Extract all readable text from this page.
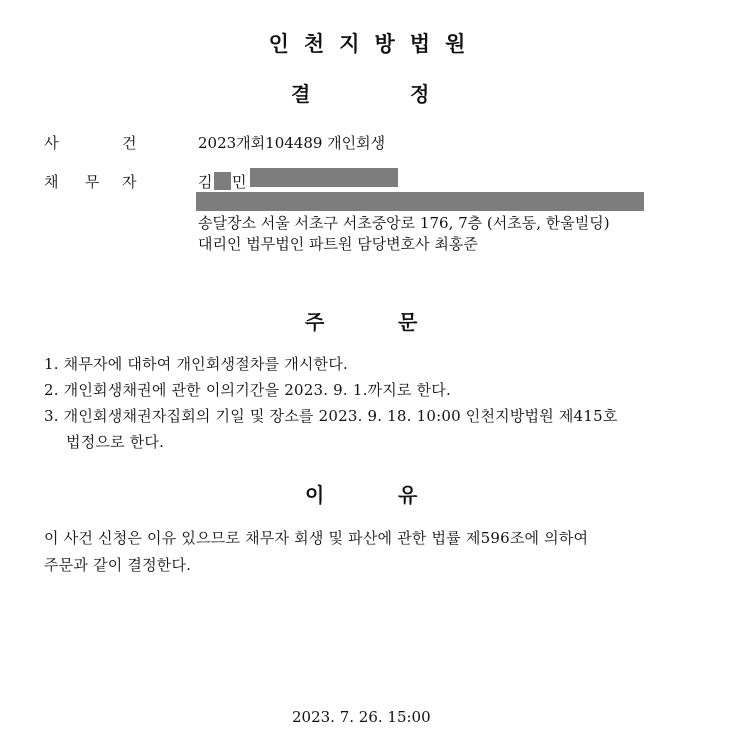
인천지방법원
결	정
사	건	2023개회104489 개인회생
채 무 자	김 민
송달장소 서울 서초구 서초중앙로 176, 7층 (서초동, 한울빌딩)
대리인 법무법인 파트원 담당변호사 최홍준
주	문
1. 채무자에 대하여 개인회생절차를 개시한다.
2. 개인회생채권에 관한 이의기간을 2023. 9. 1.까지로 한다.
3. 개인회생채권자집회의 기일 및 장소를 2023. 9. 18. 10:00 인천지방법원 제415호
법정으로 한다.
이	유
이 사건 신청은 이유 있으므로 채무자 회생 및 파산에 관한 법률 제596조에 의하여
주문과 같이 결정한다.
2023. 7. 26. 15:00
